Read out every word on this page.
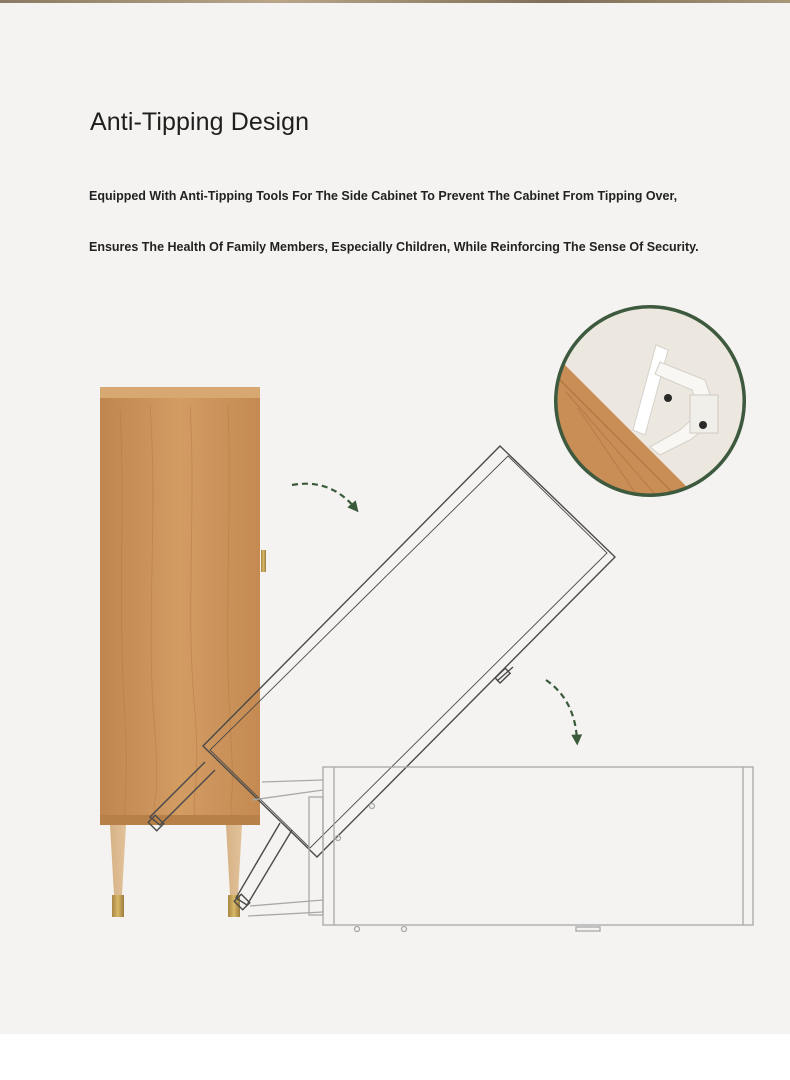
Anti-Tipping Design

Equipped With Anti-Tipping Tools For The Side Cabinet To Prevent The Cabinet From Tipping Over,

Ensures The Health Of Family Members, Especially Children, While Reinforcing The Sense Of Security.
